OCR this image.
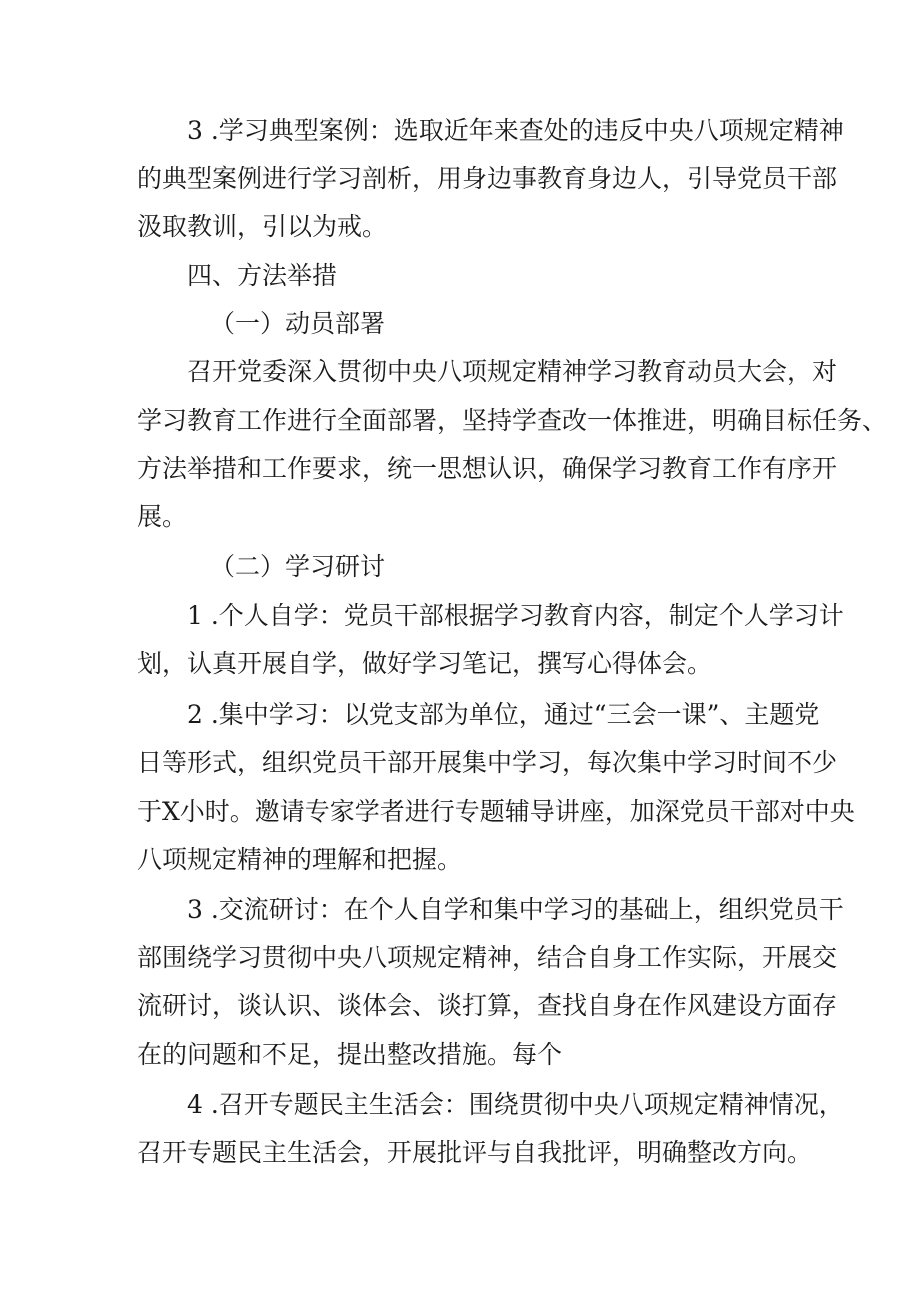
3 .学习典型案例：选取近年来查处的违反中央八项规定精神
的典型案例进行学习剖析，用身边事教育身边人，引导党员干部
汲取教训，引以为戒。
四、方法举措
（一）动员部署
召开党委深入贯彻中央八项规定精神学习教育动员大会，对
学习教育工作进行全面部署，坚持学查改一体推进，明确目标任务、
方法举措和工作要求，统一思想认识，确保学习教育工作有序开
展。
（二）学习研讨
1 .个人自学：党员干部根据学习教育内容，制定个人学习计
划，认真开展自学，做好学习笔记，撰写心得体会。
2 .集中学习：以党支部为单位，通过“三会一课”、主题党
日等形式，组织党员干部开展集中学习，每次集中学习时间不少
于X小时。邀请专家学者进行专题辅导讲座，加深党员干部对中央
八项规定精神的理解和把握。
3 .交流研讨：在个人自学和集中学习的基础上，组织党员干
部围绕学习贯彻中央八项规定精神，结合自身工作实际，开展交
流研讨，谈认识、谈体会、谈打算，查找自身在作风建设方面存
在的问题和不足，提出整改措施。每个
4 .召开专题民主生活会：围绕贯彻中央八项规定精神情况，
召开专题民主生活会，开展批评与自我批评，明确整改方向。
